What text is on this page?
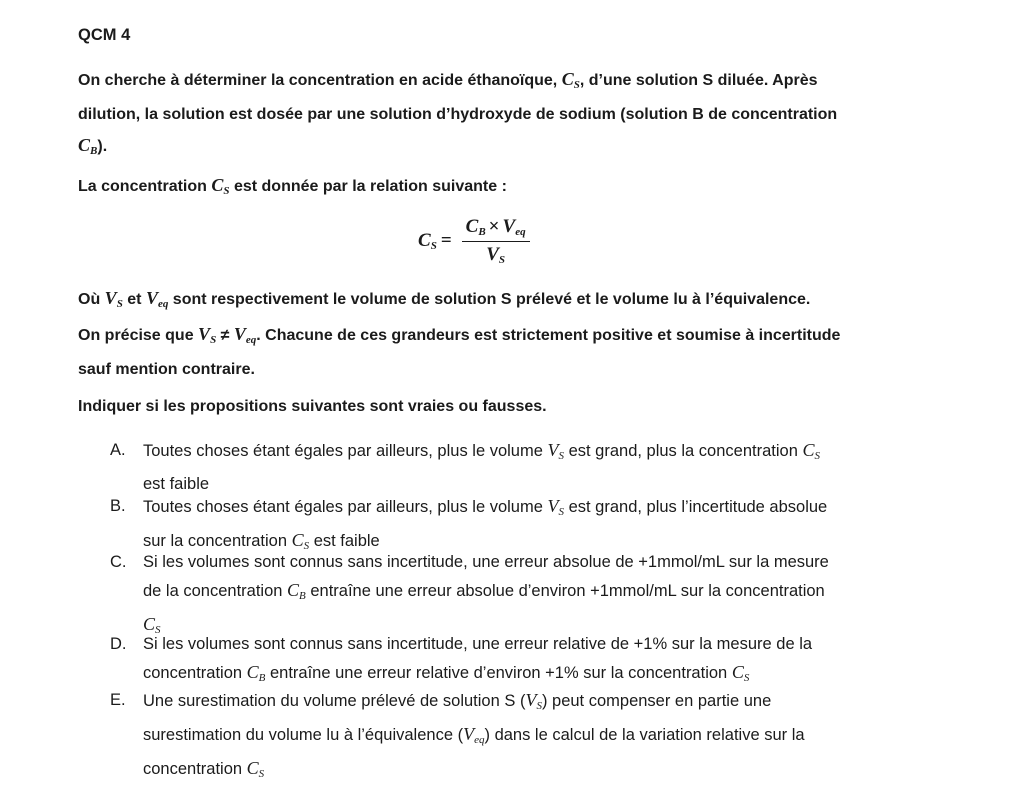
QCM 4

On cherche à déterminer la concentration en acide éthanoïque, $C_S$, d’une solution S diluée. Après

dilution, la solution est dosée par une solution d’hydroxyde de sodium (solution B de concentration

$C_B$).

La concentration $C_S$ est donnée par la relation suivante :

$C_S = \frac{C_B \times V_{eq}}{V_S}$

Où $V_S$ et $V_{eq}$ sont respectivement le volume de solution S prélevé et le volume lu à l’équivalence.

On précise que $V_S \ne V_{eq}$. Chacune de ces grandeurs est strictement positive et soumise à incertitude

sauf mention contraire.

Indiquer si les propositions suivantes sont vraies ou fausses.
A. Toutes choses étant égales par ailleurs, plus le volume $V_S$ est grand, plus la concentration $C_S$

est faible

B. Toutes choses étant égales par ailleurs, plus le volume $V_S$ est grand, plus l’incertitude absolue

sur la concentration $C_S$ est faible

C. Si les volumes sont connus sans incertitude, une erreur absolue de +1mmol/mL sur la mesure

de la concentration $C_B$ entraîne une erreur absolue d’environ +1mmol/mL sur la concentration

$C_S$

D. Si les volumes sont connus sans incertitude, une erreur relative de +1% sur la mesure de la

concentration $C_B$ entraîne une erreur relative d’environ +1% sur la concentration $C_S$

E. Une surestimation du volume prélevé de solution S $(V_S)$ peut compenser en partie une

surestimation du volume lu à l’équivalence $(V_{eq})$ dans le calcul de la variation relative sur la

concentration $C_S$
